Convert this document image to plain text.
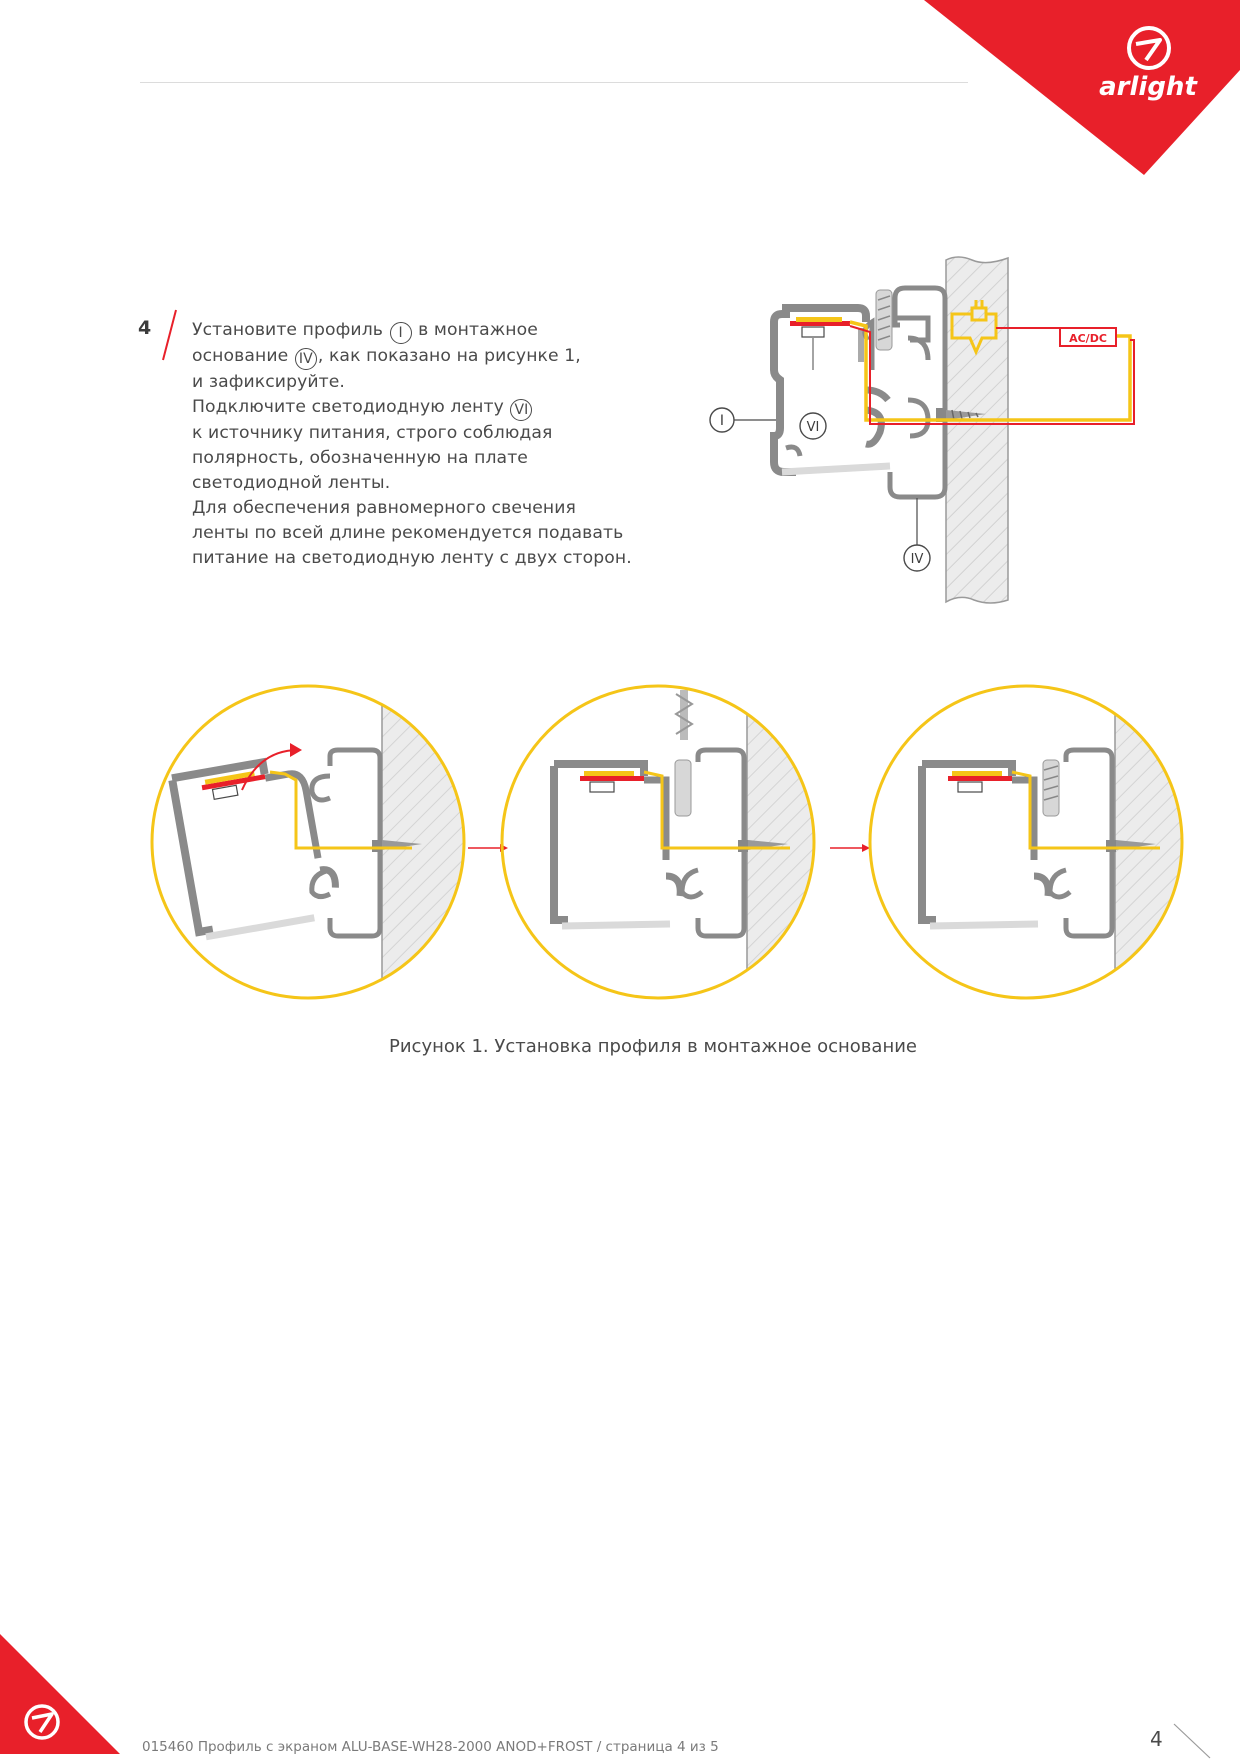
arlight
4 Установите профиль I в монтажное

основание IV , как показано на рисунке 1,

и зафиксируйте.

Подключите светодиодную ленту VI

к источнику питания, строго соблюдая

полярность, обозначенную на плате

светодиодной ленты.

Для обеспечения равномерного свечения

ленты по всей длине рекомендуется подавать

питание на светодиодную ленту с двух сторон.

AC/DC
I	VI
IV
Рисунок 1. Установка профиля в монтажное основание
015460 Профиль с экраном ALU-BASE-WH28-2000 ANOD+FROST / страница 4 из 5	4
